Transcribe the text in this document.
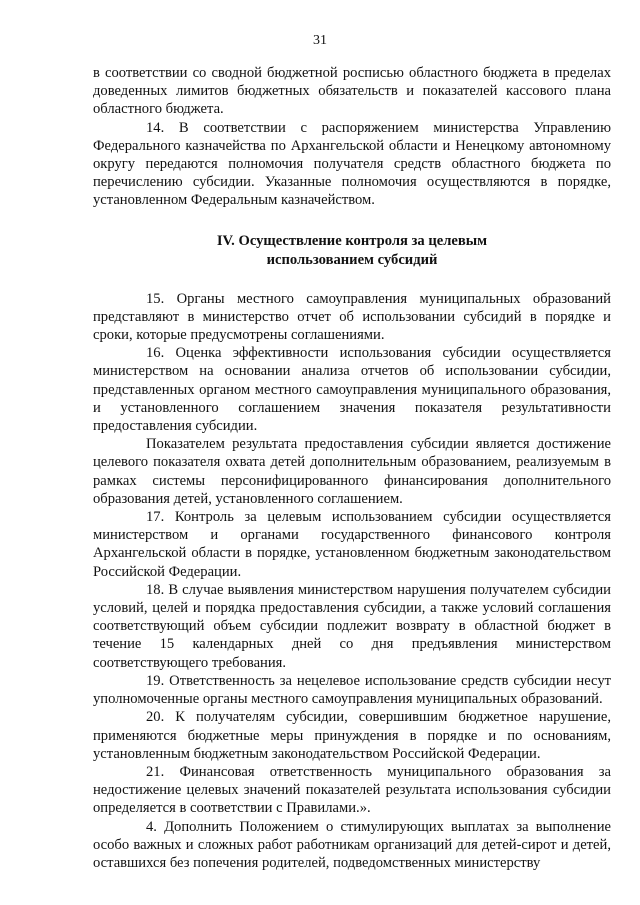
31

в соответствии со сводной бюджетной росписью областного бюджета в пределах доведенных лимитов бюджетных обязательств и показателей кассового плана областного бюджета.

14. В соответствии с распоряжением министерства Управлению Федерального казначейства по Архангельской области и Ненецкому автономному округу передаются полномочия получателя средств областного бюджета по перечислению субсидии. Указанные полномочия осуществляются в порядке, установленном Федеральным казначейством.

IV. Осуществление контроля за целевым
использованием субсидий

15. Органы местного самоуправления муниципальных образований представляют в министерство отчет об использовании субсидий в порядке и сроки, которые предусмотрены соглашениями.

16. Оценка эффективности использования субсидии осуществляется министерством на основании анализа отчетов об использовании субсидии, представленных органом местного самоуправления муниципального образования, и установленного соглашением значения показателя результативности предоставления субсидии.

Показателем результата предоставления субсидии является достижение целевого показателя охвата детей дополнительным образованием, реализуемым в рамках системы персонифицированного финансирования дополнительного образования детей, установленного соглашением.

17. Контроль за целевым использованием субсидии осуществляется министерством и органами государственного финансового контроля Архангельской области в порядке, установленном бюджетным законодательством Российской Федерации.

18. В случае выявления министерством нарушения получателем субсидии условий, целей и порядка предоставления субсидии, а также условий соглашения соответствующий объем субсидии подлежит возврату в областной бюджет в течение 15 календарных дней со дня предъявления министерством соответствующего требования.

19. Ответственность за нецелевое использование средств субсидии несут уполномоченные органы местного самоуправления муниципальных образований.

20. К получателям субсидии, совершившим бюджетное нарушение, применяются бюджетные меры принуждения в порядке и по основаниям, установленным бюджетным законодательством Российской Федерации.

21. Финансовая ответственность муниципального образования за недостижение целевых значений показателей результата использования субсидии определяется в соответствии с Правилами.».

4. Дополнить Положением о стимулирующих выплатах за выполнение особо важных и сложных работ работникам организаций для детей-сирот и детей, оставшихся без попечения родителей, подведомственных министерству
